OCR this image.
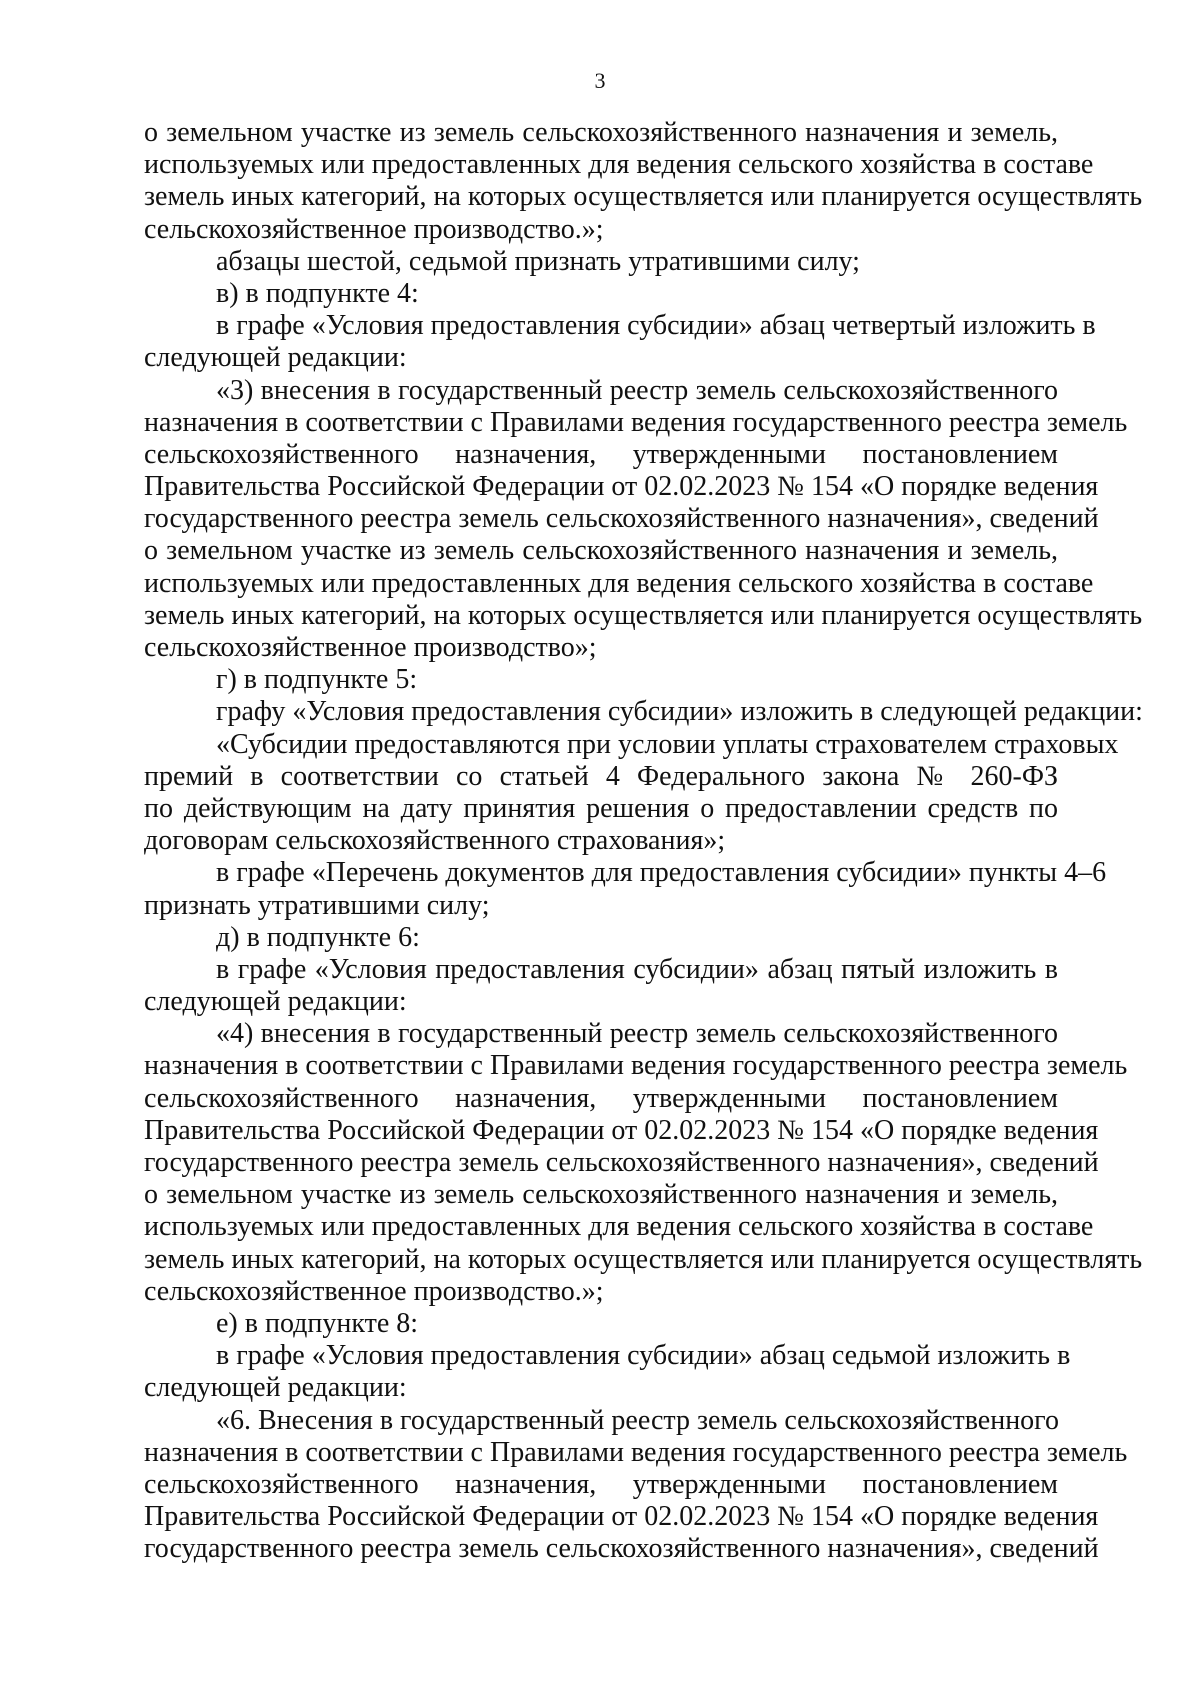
3
о земельном участке из земель сельскохозяйственного назначения и земель,
используемых или предоставленных для ведения сельского хозяйства в составе
земель иных категорий, на которых осуществляется или планируется осуществлять
сельскохозяйственное производство.»;
абзацы шестой, седьмой признать утратившими силу;
в) в подпункте 4:
в графе «Условия предоставления субсидии» абзац четвертый изложить в
следующей редакции:
«3) внесения в государственный реестр земель сельскохозяйственного
назначения в соответствии с Правилами ведения государственного реестра земель
сельскохозяйственного назначения, утвержденными постановлением
Правительства Российской Федерации от 02.02.2023 № 154 «О порядке ведения
государственного реестра земель сельскохозяйственного назначения», сведений
о земельном участке из земель сельскохозяйственного назначения и земель,
используемых или предоставленных для ведения сельского хозяйства в составе
земель иных категорий, на которых осуществляется или планируется осуществлять
сельскохозяйственное производство»;
г) в подпункте 5:
графу «Условия предоставления субсидии» изложить в следующей редакции:
«Субсидии предоставляются при условии уплаты страхователем страховых
премий в соответствии со статьей 4 Федерального закона № 260-ФЗ
по действующим на дату принятия решения о предоставлении средств по
договорам сельскохозяйственного страхования»;
в графе «Перечень документов для предоставления субсидии» пункты 4–6
признать утратившими силу;
д) в подпункте 6:
в графе «Условия предоставления субсидии» абзац пятый изложить в
следующей редакции:
«4) внесения в государственный реестр земель сельскохозяйственного
назначения в соответствии с Правилами ведения государственного реестра земель
сельскохозяйственного назначения, утвержденными постановлением
Правительства Российской Федерации от 02.02.2023 № 154 «О порядке ведения
государственного реестра земель сельскохозяйственного назначения», сведений
о земельном участке из земель сельскохозяйственного назначения и земель,
используемых или предоставленных для ведения сельского хозяйства в составе
земель иных категорий, на которых осуществляется или планируется осуществлять
сельскохозяйственное производство.»;
е) в подпункте 8:
в графе «Условия предоставления субсидии» абзац седьмой изложить в
следующей редакции:
«6. Внесения в государственный реестр земель сельскохозяйственного
назначения в соответствии с Правилами ведения государственного реестра земель
сельскохозяйственного назначения, утвержденными постановлением
Правительства Российской Федерации от 02.02.2023 № 154 «О порядке ведения
государственного реестра земель сельскохозяйственного назначения», сведений
